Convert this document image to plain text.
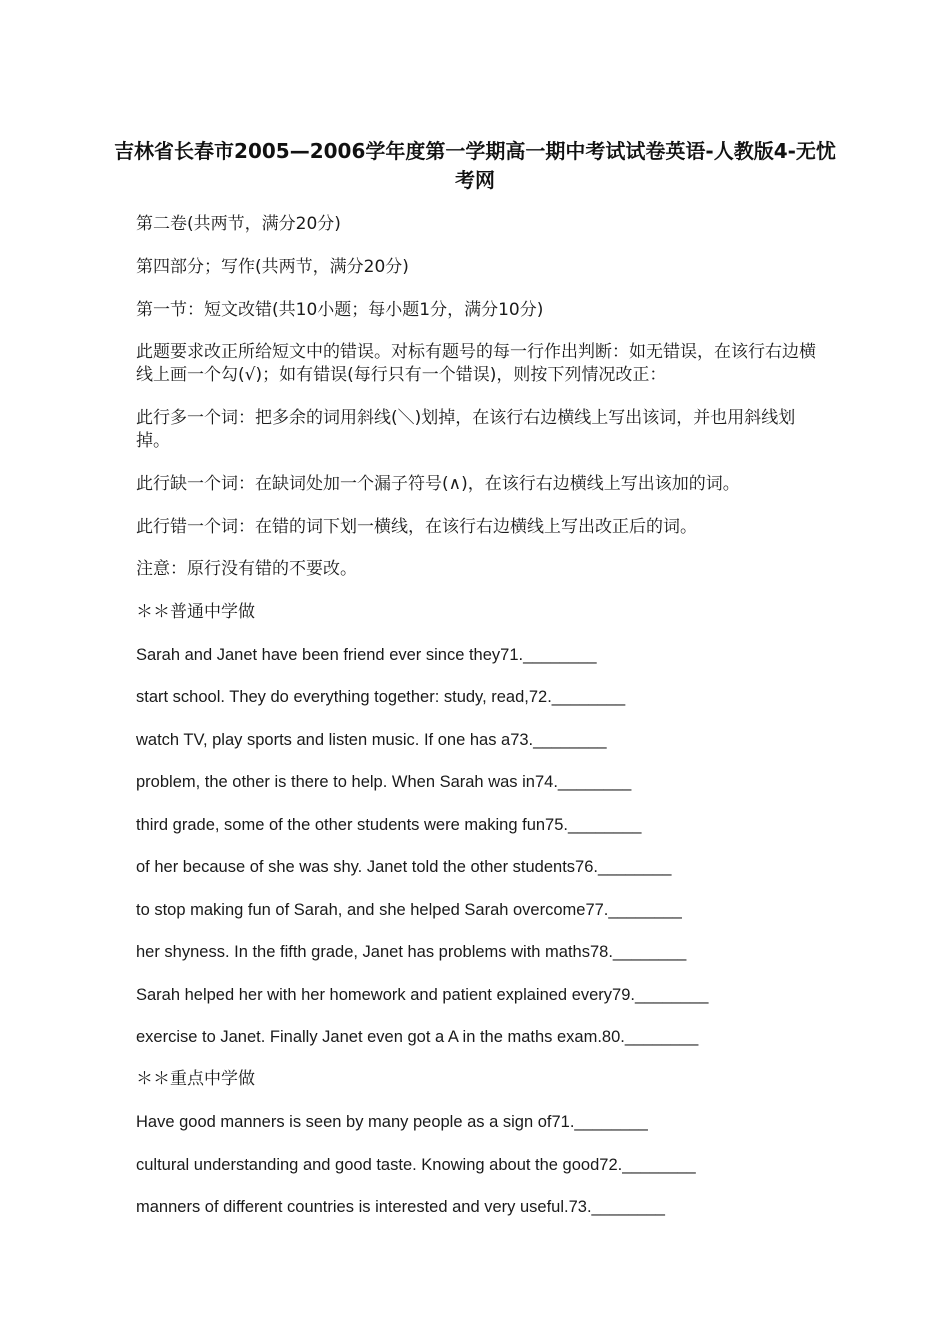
吉林省长春市2005—2006学年度第一学期高一期中考试试卷英语-人教版4-无忧考网
第二卷(共两节，满分20分)
第四部分；写作(共两节，满分20分)
第一节：短文改错(共10小题；每小题1分，满分10分)
此题要求改正所给短文中的错误。对标有题号的每一行作出判断：如无错误，在该行右边横线上画一个勾(√)；如有错误(每行只有一个错误)，则按下列情况改正：
此行多一个词：把多余的词用斜线(＼)划掉，在该行右边横线上写出该词，并也用斜线划掉。
此行缺一个词：在缺词处加一个漏子符号(∧)，在该行右边横线上写出该加的词。
此行错一个词：在错的词下划一横线，在该行右边横线上写出改正后的词。
注意：原行没有错的不要改。
＊＊普通中学做
Sarah and Janet have been friend ever since they71.________
start school. They do everything together: study, read,72.________
watch TV, play sports and listen music. If one has a73.________
problem, the other is there to help. When Sarah was in74.________
third grade, some of the other students were making fun75.________
of her because of she was shy. Janet told the other students76.________
to stop making fun of Sarah, and she helped Sarah overcome77.________
her shyness. In the fifth grade, Janet has problems with maths78.________
Sarah helped her with her homework and patient explained every79.________
exercise to Janet. Finally Janet even got a A in the maths exam.80.________
＊＊重点中学做
Have good manners is seen by many people as a sign of71.________
cultural understanding and good taste. Knowing about the good72.________
manners of different countries is interested and very useful.73.________
